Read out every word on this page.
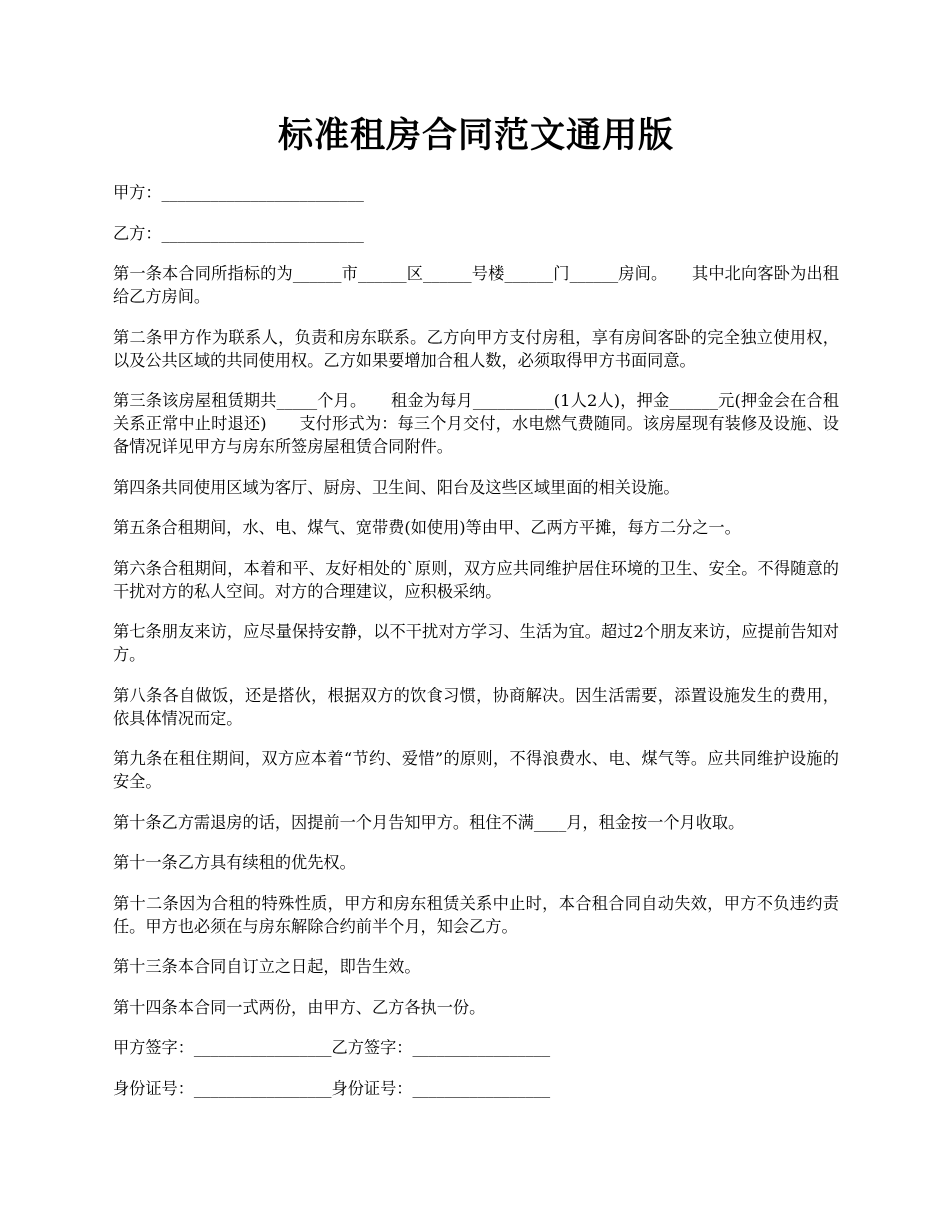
标准租房合同范文通用版

甲方：_________________________

乙方：_________________________

第一条本合同所指标的为______市______区______号楼______门______房间。　　其中北向客卧为出租给乙方房间。

第二条甲方作为联系人，负责和房东联系。乙方向甲方支付房租，享有房间客卧的完全独立使用权，以及公共区域的共同使用权。乙方如果要增加合租人数，必须取得甲方书面同意。

第三条该房屋租赁期共_____个月。　　租金为每月__________(1人2人)，押金______元(押金会在合租关系正常中止时退还)　　支付形式为：每三个月交付，水电燃气费随同。该房屋现有装修及设施、设备情况详见甲方与房东所签房屋租赁合同附件。

第四条共同使用区域为客厅、厨房、卫生间、阳台及这些区域里面的相关设施。

第五条合租期间，水、电、煤气、宽带费(如使用)等由甲、乙两方平摊，每方二分之一。

第六条合租期间，本着和平、友好相处的`原则，双方应共同维护居住环境的卫生、安全。不得随意的干扰对方的私人空间。对方的合理建议，应积极采纳。

第七条朋友来访，应尽量保持安静，以不干扰对方学习、生活为宜。超过2个朋友来访，应提前告知对方。

第八条各自做饭，还是搭伙，根据双方的饮食习惯，协商解决。因生活需要，添置设施发生的费用，依具体情况而定。

第九条在租住期间，双方应本着“节约、爱惜”的原则，不得浪费水、电、煤气等。应共同维护设施的安全。

第十条乙方需退房的话，因提前一个月告知甲方。租住不满____月，租金按一个月收取。

第十一条乙方具有续租的优先权。

第十二条因为合租的特殊性质，甲方和房东租赁关系中止时，本合租合同自动失效，甲方不负违约责任。甲方也必须在与房东解除合约前半个月，知会乙方。

第十三条本合同自订立之日起，即告生效。

第十四条本合同一式两份，由甲方、乙方各执一份。

甲方签字：_________________乙方签字：_________________

身份证号：_________________身份证号：_________________
